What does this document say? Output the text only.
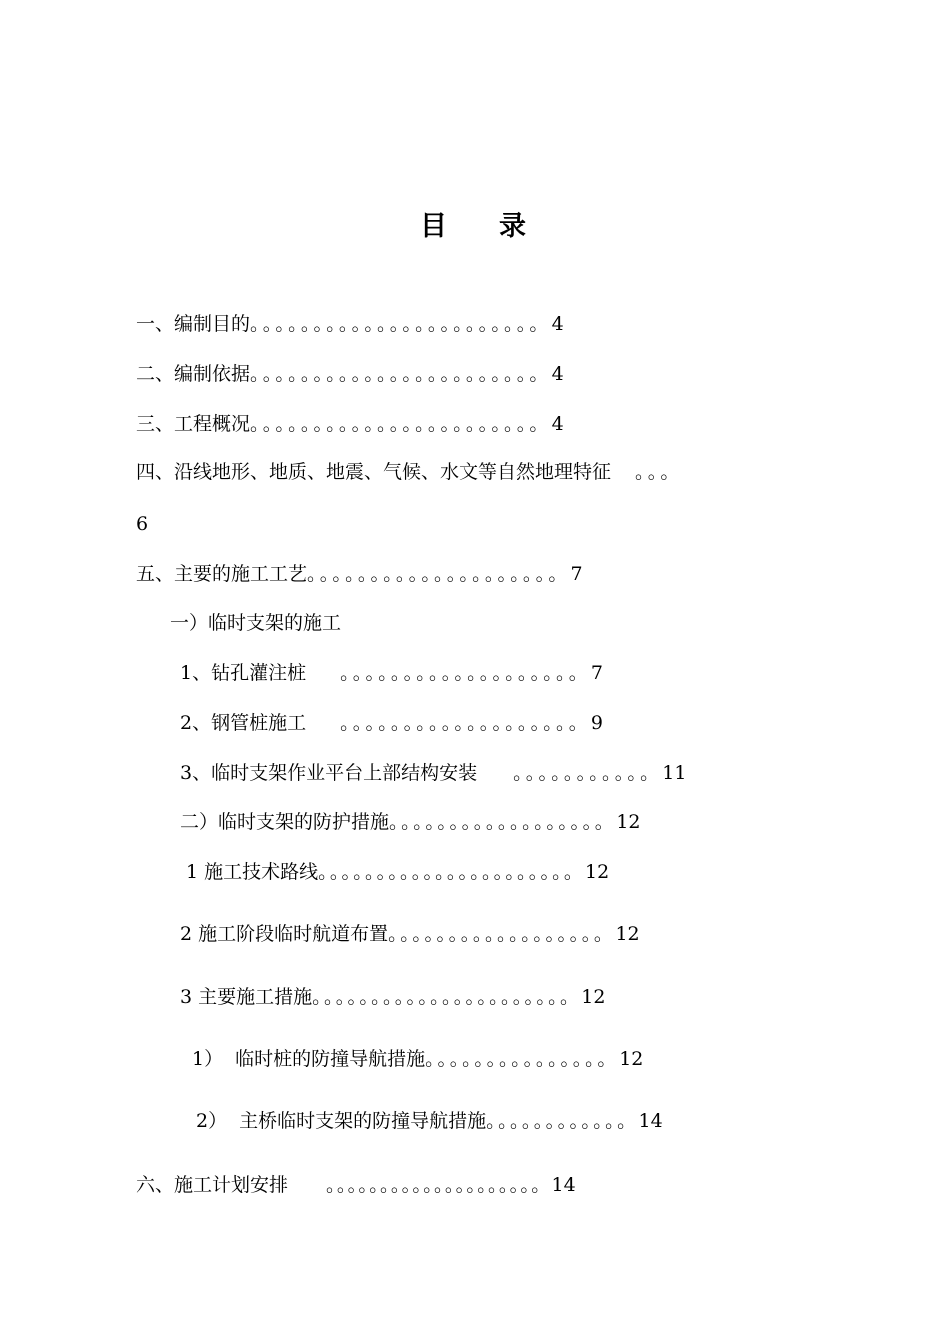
目 录
一、编制目的。。。。。。。。。。。。。。。。。。。。。。。4
二、编制依据。。。。。。。。。。。。。。。。。。。。。。。4
三、工程概况。。。。。。。。。。。。。。。。。。。。。。。4
四、沿线地形、地质、地震、气候、水文等自然地理特征 。。。
6
五、主要的施工工艺。。。。。。。。。。。。。。。。。。。。7
一）临时支架的施工
1、钻孔灌注桩 。。。。。。。。。。。。。。。。。。。7
2、钢管桩施工 。。。。。。。。。。。。。。。。。。。9
3、临时支架作业平台上部结构安装 。。。。。。。。。。。11
二）临时支架的防护措施。。。。。。。。。。。。。。。。。。12
1 施工技术路线。。。。。。。。。。。。。。。。。。。。。。12
2 施工阶段临时航道布置。。。。。。。。。。。。。。。。。。12
3 主要施工措施。。。。。。。。。。。。。。。。。。。。。。12
1）  临时桩的防撞导航措施。。。。。。。。。。。。。。。12
2）  主桥临时支架的防撞导航措施。。。。。。。。。。。。14
六、施工计划安排 。。。。。。。。。。。。。。。。。。。。14
